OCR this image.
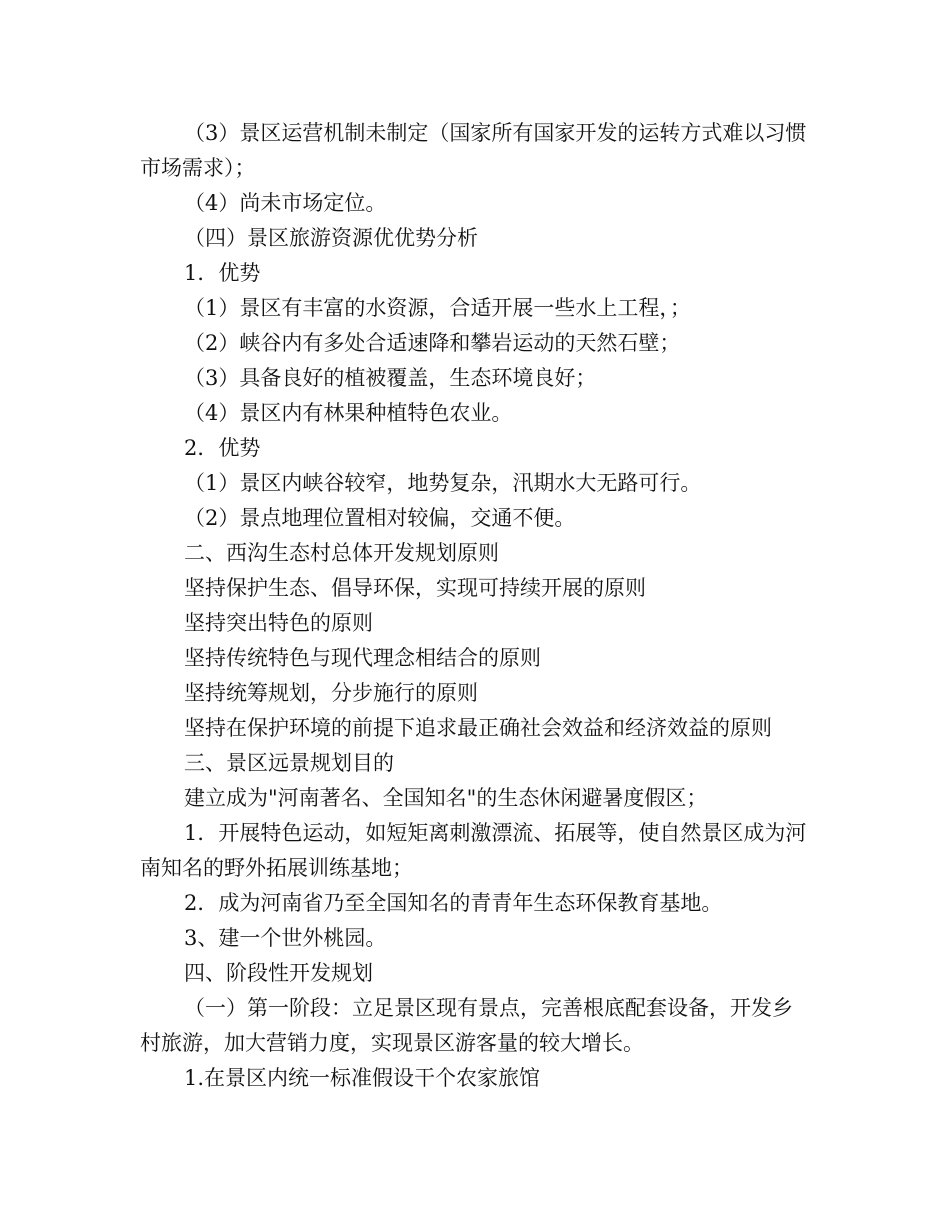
（3）景区运营机制未制定（国家所有国家开发的运转方式难以习惯市场需求）；

（4）尚未市场定位。

（四）景区旅游资源优优势分析

1．优势

（1）景区有丰富的水资源，合适开展一些水上工程，；

（2）峡谷内有多处合适速降和攀岩运动的天然石壁；

（3）具备良好的植被覆盖，生态环境良好；

（4）景区内有林果种植特色农业。

2．优势

（1）景区内峡谷较窄，地势复杂，汛期水大无路可行。

（2）景点地理位置相对较偏，交通不便。

二、西沟生态村总体开发规划原则

坚持保护生态、倡导环保，实现可持续开展的原则

坚持突出特色的原则

坚持传统特色与现代理念相结合的原则

坚持统筹规划，分步施行的原则

坚持在保护环境的前提下追求最正确社会效益和经济效益的原则

三、景区远景规划目的

建立成为"河南著名、全国知名"的生态休闲避暑度假区；

1．开展特色运动，如短矩离刺激漂流、拓展等，使自然景区成为河南知名的野外拓展训练基地；

2．成为河南省乃至全国知名的青青年生态环保教育基地。

3、建一个世外桃园。

四、阶段性开发规划

（一）第一阶段：立足景区现有景点，完善根底配套设备，开发乡村旅游，加大营销力度，实现景区游客量的较大增长。

1.在景区内统一标准假设干个农家旅馆
